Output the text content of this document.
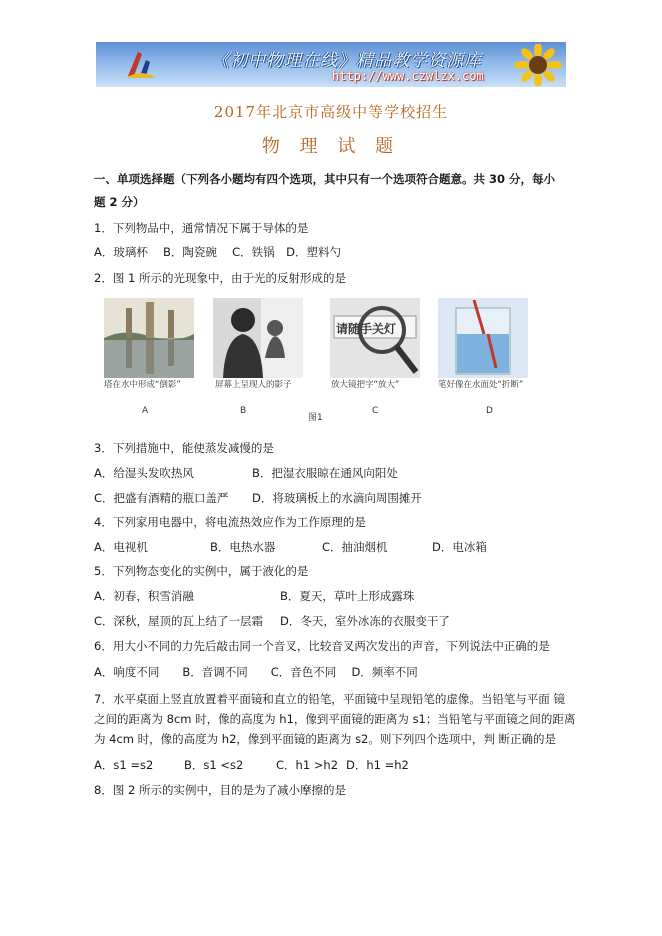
《初中物理在线》精品教学资源库
http://www.czwlzx.com
2017年北京市高级中等学校招生
物 理 试 题
一、单项选择题（下列各小题均有四个选项，其中只有一个选项符合题意。共 30 分，每小
题 2 分）
1．下列物品中，通常情况下属于导体的是
A．玻璃杯　 B．陶瓷碗　 C．铁锅　D．塑料勺
2．图 1 所示的光现象中，由于光的反射形成的是
请随手关灯
塔在水中形成“倒影”	屏幕上呈现人的影子	放大镜把字“放大”	笔好像在水面处“折断”
A	B	C	D
图1
3．下列措施中，能使蒸发减慢的是
A．给湿头发吹热风	B．把湿衣服晾在通风向阳处
C．把盛有酒精的瓶口盖严 D．将玻璃板上的水滴向周围摊开
4．下列家用电器中，将电流热效应作为工作原理的是
A．电视机	B．电热水器	C．抽油烟机	D．电冰箱
5．下列物态变化的实例中，属于液化的是
A．初春，积雪消融	B．夏天，草叶上形成露珠
C．深秋，屋顶的瓦上结了一层霜 D．冬天，室外冰冻的衣服变干了
6．用大小不同的力先后敲击同一个音叉，比较音叉两次发出的声音，下列说法中正确的是
A．响度不同　　B．音调不同　　C．音色不同　 D．频率不同
7．水平桌面上竖直放置着平面镜和直立的铅笔，平面镜中呈现铅笔的虚像。当铅笔与平面 镜
之间的距离为 8cm 时，像的高度为 h1，像到平面镜的距离为 s1；当铅笔与平面镜之间的距离
为 4cm 时，像的高度为 h2，像到平面镜的距离为 s2。则下列四个选项中，判 断正确的是
A．s1 =s2	B．s1 <s2	C．h1 >h2 D．h1 =h2
8．图 2 所示的实例中，目的是为了减小摩擦的是
